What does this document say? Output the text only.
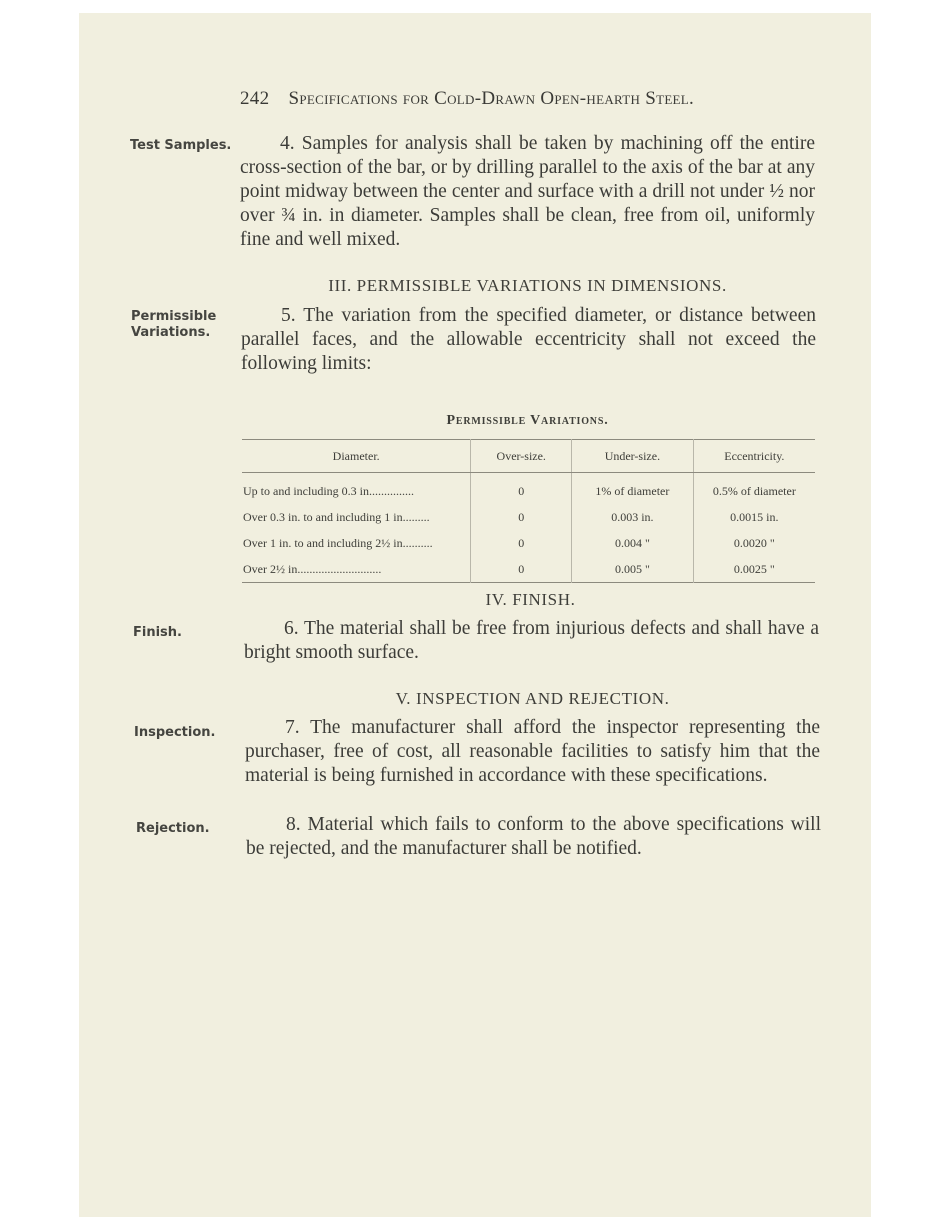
242 Specifications for Cold-Drawn Open-hearth Steel.
Test Samples.	4. Samples for analysis shall be taken by machining off the entire cross-section of the bar, or by drilling parallel to the axis of the bar at any point midway between the center and surface with a drill not under ½ nor over ¾ in. in diameter. Samples shall be clean, free from oil, uniformly fine and well mixed.
III. PERMISSIBLE VARIATIONS IN DIMENSIONS.
Permissible
Variations.
5. The variation from the specified diameter, or distance between parallel faces, and the allowable eccentricity shall not exceed the following limits:
Permissible Variations.
Diameter.	Over-size.	Under-size.	Eccentricity.
Up to and including 0.3 in...............	0	1% of diameter	0.5% of diameter
Over 0.3 in. to and including 1 in.........	0	0.003 in.	0.0015 in.
Over 1 in. to and including 2½ in..........	0	0.004 "	0.0020 "
Over 2½ in............................	0	0.005 "	0.0025 "
IV. FINISH.
Finish.	6. The material shall be free from injurious defects and shall have a bright smooth surface.
V. INSPECTION AND REJECTION.
Inspection.	7. The manufacturer shall afford the inspector representing the purchaser, free of cost, all reasonable facilities to satisfy him that the material is being furnished in accordance with these specifications.
Rejection.	8. Material which fails to conform to the above specifications will be rejected, and the manufacturer shall be notified.
